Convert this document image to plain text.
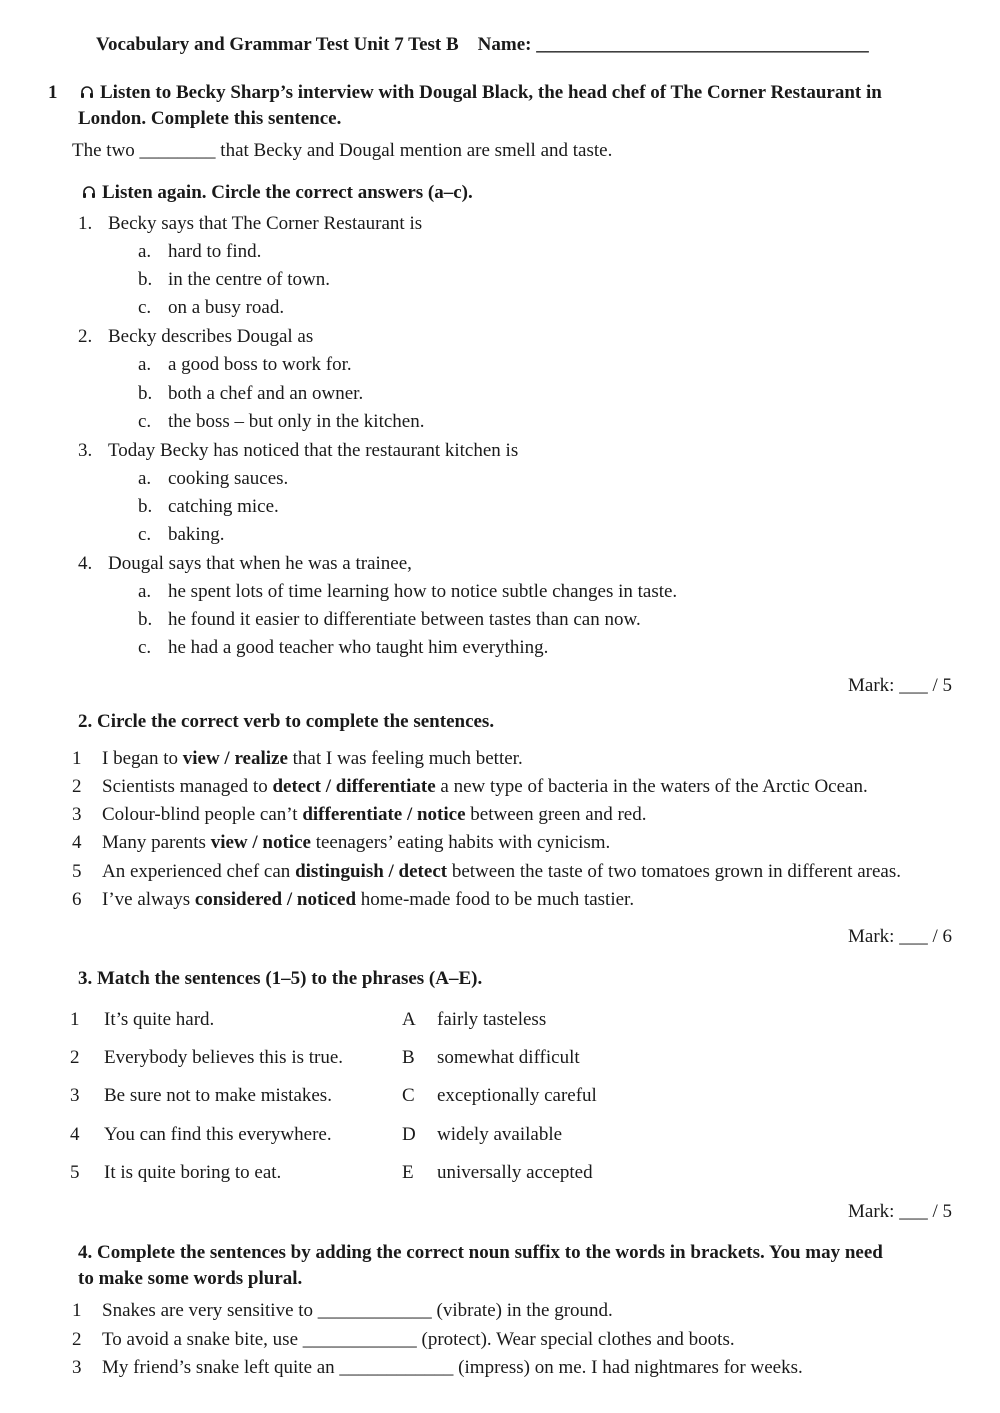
Vocabulary and Grammar Test Unit 7 Test B Name: ___________________________________
1	Listen to Becky Sharp’s interview with Dougal Black, the head chef of The Corner Restaurant in
London. Complete this sentence.
The two ________ that Becky and Dougal mention are smell and taste.
Listen again. Circle the correct answers (a–c).
1. Becky says that The Corner Restaurant is
a. hard to find.
b. in the centre of town.
c. on a busy road.
2. Becky describes Dougal as
a. a good boss to work for.
b. both a chef and an owner.
c. the boss – but only in the kitchen.
3. Today Becky has noticed that the restaurant kitchen is
a. cooking sauces.
b. catching mice.
c. baking.
4. Dougal says that when he was a trainee,
a. he spent lots of time learning how to notice subtle changes in taste.
b. he found it easier to differentiate between tastes than can now.
c. he had a good teacher who taught him everything.
Mark: ___ / 5
2. Circle the correct verb to complete the sentences.
1 I began to view / realize that I was feeling much better.
2 Scientists managed to detect / differentiate a new type of bacteria in the waters of the Arctic Ocean.
3 Colour-blind people can’t differentiate / notice between green and red.
4 Many parents view / notice teenagers’ eating habits with cynicism.
5 An experienced chef can distinguish / detect between the taste of two tomatoes grown in different areas.
6 I’ve always considered / noticed home-made food to be much tastier.
Mark: ___ / 6
3. Match the sentences (1–5) to the phrases (A–E).
1 It’s quite hard.	A fairly tasteless
2 Everybody believes this is true.	B somewhat difficult
3 Be sure not to make mistakes.	C exceptionally careful
4 You can find this everywhere.	D widely available
5 It is quite boring to eat.	E universally accepted
Mark: ___ / 5
4. Complete the sentences by adding the correct noun suffix to the words in brackets. You may need
to make some words plural.
1 Snakes are very sensitive to ____________ (vibrate) in the ground.
2 To avoid a snake bite, use ____________ (protect). Wear special clothes and boots.
3 My friend’s snake left quite an ____________ (impress) on me. I had nightmares for weeks.
